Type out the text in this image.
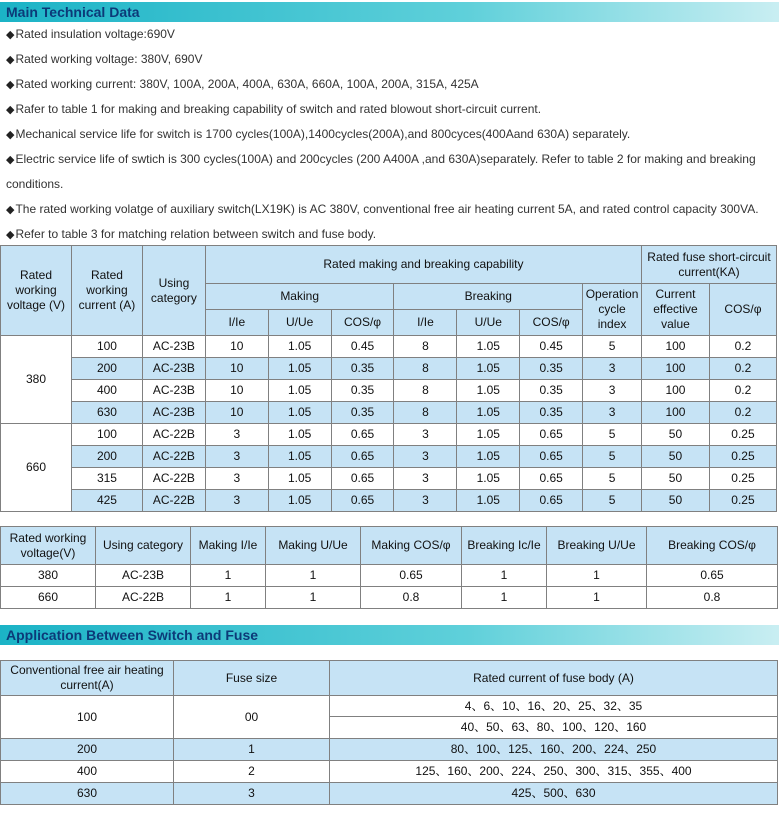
Main Technical Data
◆Rated insulation voltage:690V
◆Rated working voltage: 380V, 690V
◆Rated working current: 380V, 100A, 200A, 400A, 630A, 660A, 100A, 200A, 315A, 425A
◆Rafer to table 1 for making and breaking capability of switch and rated blowout short-circuit current.
◆Mechanical service life for switch is 1700 cycles(100A),1400cycles(200A),and 800cyces(400Aand 630A) separately.
◆Electric service life of swtich is 300 cycles(100A) and 200cycles (200 A400A ,and 630A)separately. Refer to table 2 for making and breaking
conditions.
◆The rated working volatge of auxiliary switch(LX19K) is AC 380V, conventional free air heating current 5A, and rated control capacity 300VA.
◆Refer to table 3 for matching relation between switch and fuse body.
Rated working voltage (V)	Rated working current (A)	Using category	Rated making and breaking capability							Rated fuse short-circuit current(KA)	
			Making			Breaking			Operation cycle index	Current effective value	COS/φ
			I/Ie	U/Ue	COS/φ	I/Ie	U/Ue	COS/φ			
380	100	AC-23B	10	1.05	0.45	8	1.05	0.45	5	100	0.2
	200	AC-23B	10	1.05	0.35	8	1.05	0.35	3	100	0.2
	400	AC-23B	10	1.05	0.35	8	1.05	0.35	3	100	0.2
	630	AC-23B	10	1.05	0.35	8	1.05	0.35	3	100	0.2
660	100	AC-22B	3	1.05	0.65	3	1.05	0.65	5	50	0.25
	200	AC-22B	3	1.05	0.65	3	1.05	0.65	5	50	0.25
	315	AC-22B	3	1.05	0.65	3	1.05	0.65	5	50	0.25
	425	AC-22B	3	1.05	0.65	3	1.05	0.65	5	50	0.25
Rated working voltage(V)	Using category	Making I/Ie	Making U/Ue	Making COS/φ	Breaking Ic/Ie	Breaking U/Ue	Breaking COS/φ
380	AC-23B	1	1	0.65	1	1	0.65
660	AC-22B	1	1	0.8	1	1	0.8
Application Between Switch and Fuse
Conventional free air heating current(A)	Fuse size	Rated current of fuse body (A)
100	00	4、6、10、16、20、25、32、35
		40、50、63、80、100、120、160
200	1	80、100、125、160、200、224、250
400	2	125、160、200、224、250、300、315、355、400
630	3	425、500、630
